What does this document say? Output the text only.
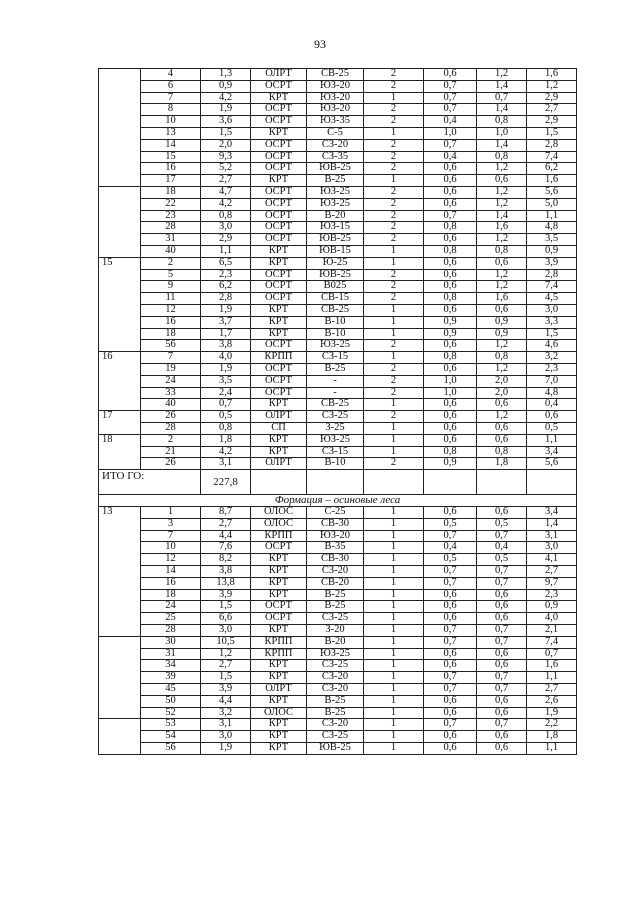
93
	4	1,3	ОЛРТ	СВ-25	2	0,6	1,2	1,6
	6	0,9	ОСРТ	ЮЗ-20	2	0,7	1,4	1,2
	7	4,2	КРТ	ЮЗ-20	1	0,7	0,7	2,9
	8	1,9	ОСРТ	ЮЗ-20	2	0,7	1,4	2,7
	10	3,6	ОСРТ	ЮЗ-35	2	0,4	0,8	2,9
	13	1,5	КРТ	С-5	1	1,0	1,0	1,5
	14	2,0	ОСРТ	СЗ-20	2	0,7	1,4	2,8
	15	9,3	ОСРТ	СЗ-35	2	0,4	0,8	7,4
	16	5,2	ОСРТ	ЮВ-25	2	0,6	1,2	6,2
	17	2,7	КРТ	В-25	1	0,6	0,6	1,6
	18	4,7	ОСРТ	ЮЗ-25	2	0,6	1,2	5,6
	22	4,2	ОСРТ	ЮЗ-25	2	0,6	1,2	5,0
	23	0,8	ОСРТ	В-20	2	0,7	1,4	1,1
	28	3,0	ОСРТ	ЮЗ-15	2	0,8	1,6	4,8
	31	2,9	ОСРТ	ЮВ-25	2	0,6	1,2	3,5
	40	1,1	КРТ	ЮВ-15	1	0,8	0,8	0,9
15	2	6,5	КРТ	Ю-25	1	0,6	0,6	3,9
	5	2,3	ОСРТ	ЮВ-25	2	0,6	1,2	2,8
	9	6,2	ОСРТ	В025	2	0,6	1,2	7,4
	11	2,8	ОСРТ	СВ-15	2	0,8	1,6	4,5
	12	1,9	КРТ	СВ-25	1	0,6	0,6	3,0
	16	3,7	КРТ	В-10	1	0,9	0,9	3,3
	18	1,7	КРТ	В-10	1	0,9	0,9	1,5
	56	3,8	ОСРТ	ЮЗ-25	2	0,6	1,2	4,6
16	7	4,0	КРПП	СЗ-15	1	0,8	0,8	3,2
	19	1,9	ОСРТ	В-25	2	0,6	1,2	2,3
	24	3,5	ОСРТ	-	2	1,0	2,0	7,0
	33	2,4	ОСРТ	-	2	1,0	2,0	4,8
	40	0,7	КРТ	СВ-25	1	0,6	0,6	0,4
17	26	0,5	ОЛРТ	СЗ-25	2	0,6	1,2	0,6
	28	0,8	СП	З-25	1	0,6	0,6	0,5
18	2	1,8	КРТ	ЮЗ-25	1	0,6	0,6	1,1
	21	4,2	КРТ	СЗ-15	1	0,8	0,8	3,4
	26	3,1	ОЛРТ	В-10	2	0,9	1,8	5,6
ИТО ГО:		227,8						
Формация – осиновые леса								
13	1	8,7	ОЛОС	С-25	1	0,6	0,6	3,4
	3	2,7	ОЛОС	СВ-30	1	0,5	0,5	1,4
	7	4,4	КРПП	ЮЗ-20	1	0,7	0,7	3,1
	10	7,6	ОСРТ	В-35	1	0,4	0,4	3,0
	12	8,2	КРТ	СВ-30	1	0,5	0,5	4,1
	14	3,8	КРТ	СЗ-20	1	0,7	0,7	2,7
	16	13,8	КРТ	СВ-20	1	0,7	0,7	9,7
	18	3,9	КРТ	В-25	1	0,6	0,6	2,3
	24	1,5	ОСРТ	В-25	1	0,6	0,6	0,9
	25	6,6	ОСРТ	СЗ-25	1	0,6	0,6	4,0
	28	3,0	КРТ	З-20	1	0,7	0,7	2,1
	30	10,5	КРПП	В-20	1	0,7	0,7	7,4
	31	1,2	КРПП	ЮЗ-25	1	0,6	0,6	0,7
	34	2,7	КРТ	СЗ-25	1	0,6	0,6	1,6
	39	1,5	КРТ	СЗ-20	1	0,7	0,7	1,1
	45	3,9	ОЛРТ	СЗ-20	1	0,7	0,7	2,7
	50	4,4	КРТ	В-25	1	0,6	0,6	2,6
	52	3,2	ОЛОС	В-25	1	0,6	0,6	1,9
	53	3,1	КРТ	СЗ-20	1	0,7	0,7	2,2
	54	3,0	КРТ	СЗ-25	1	0,6	0,6	1,8
	56	1,9	КРТ	ЮВ-25	1	0,6	0,6	1,1
